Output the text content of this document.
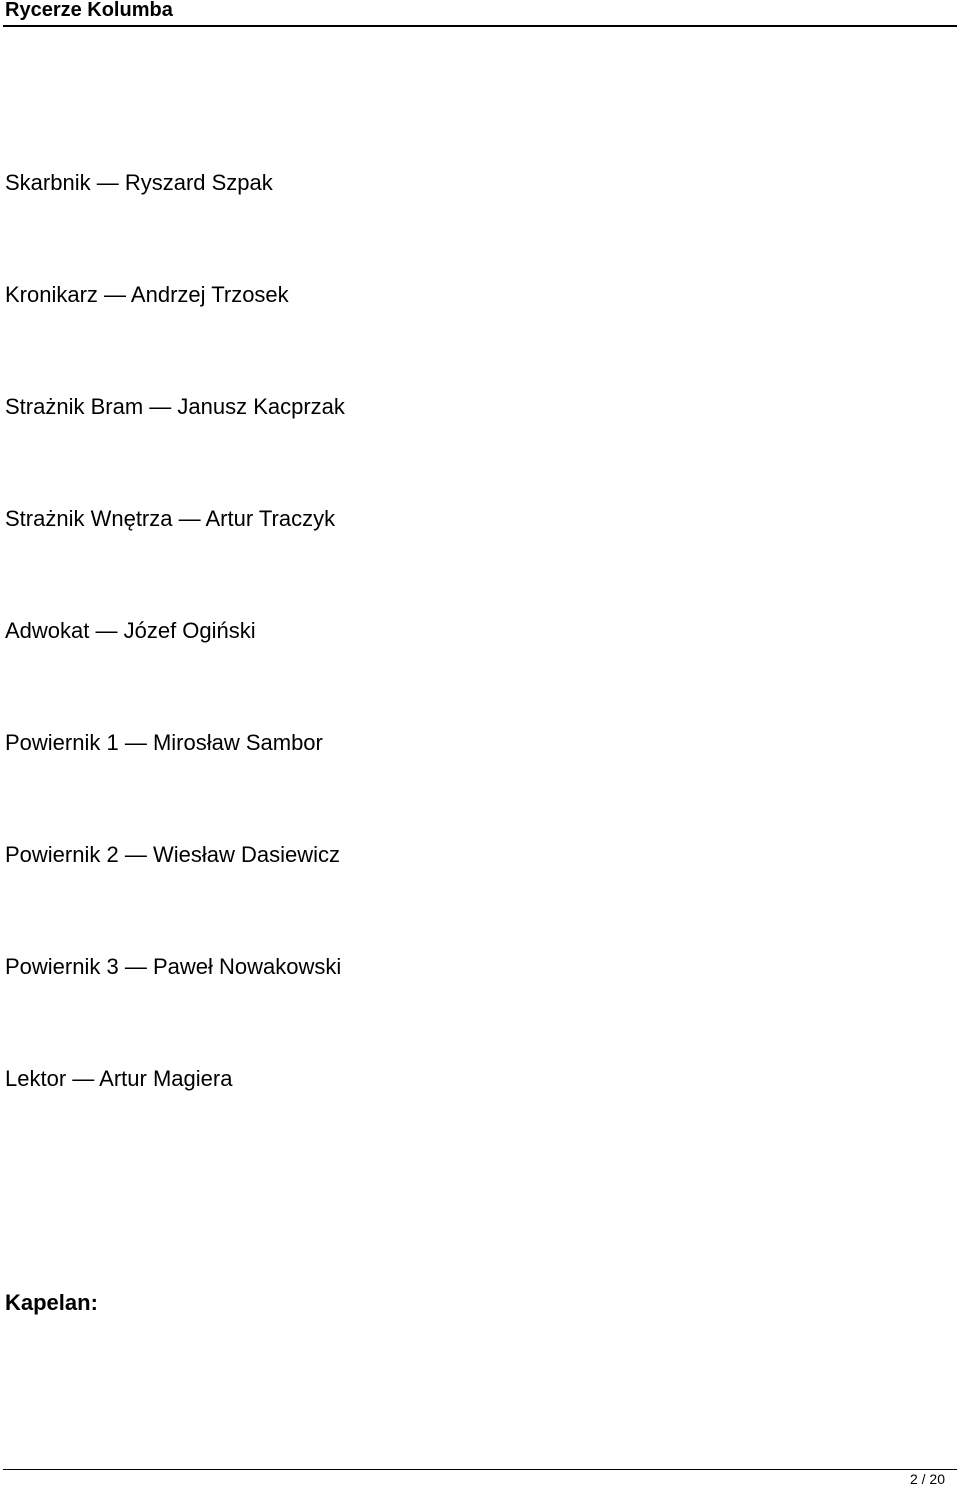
Rycerze Kolumba
Skarbnik — Ryszard Szpak
Kronikarz — Andrzej Trzosek
Strażnik Bram — Janusz Kacprzak
Strażnik Wnętrza — Artur Traczyk
Adwokat — Józef Ogiński
Powiernik 1 — Mirosław Sambor
Powiernik 2 — Wiesław Dasiewicz
Powiernik 3 — Paweł Nowakowski
Lektor — Artur Magiera
Kapelan:
2 / 20
